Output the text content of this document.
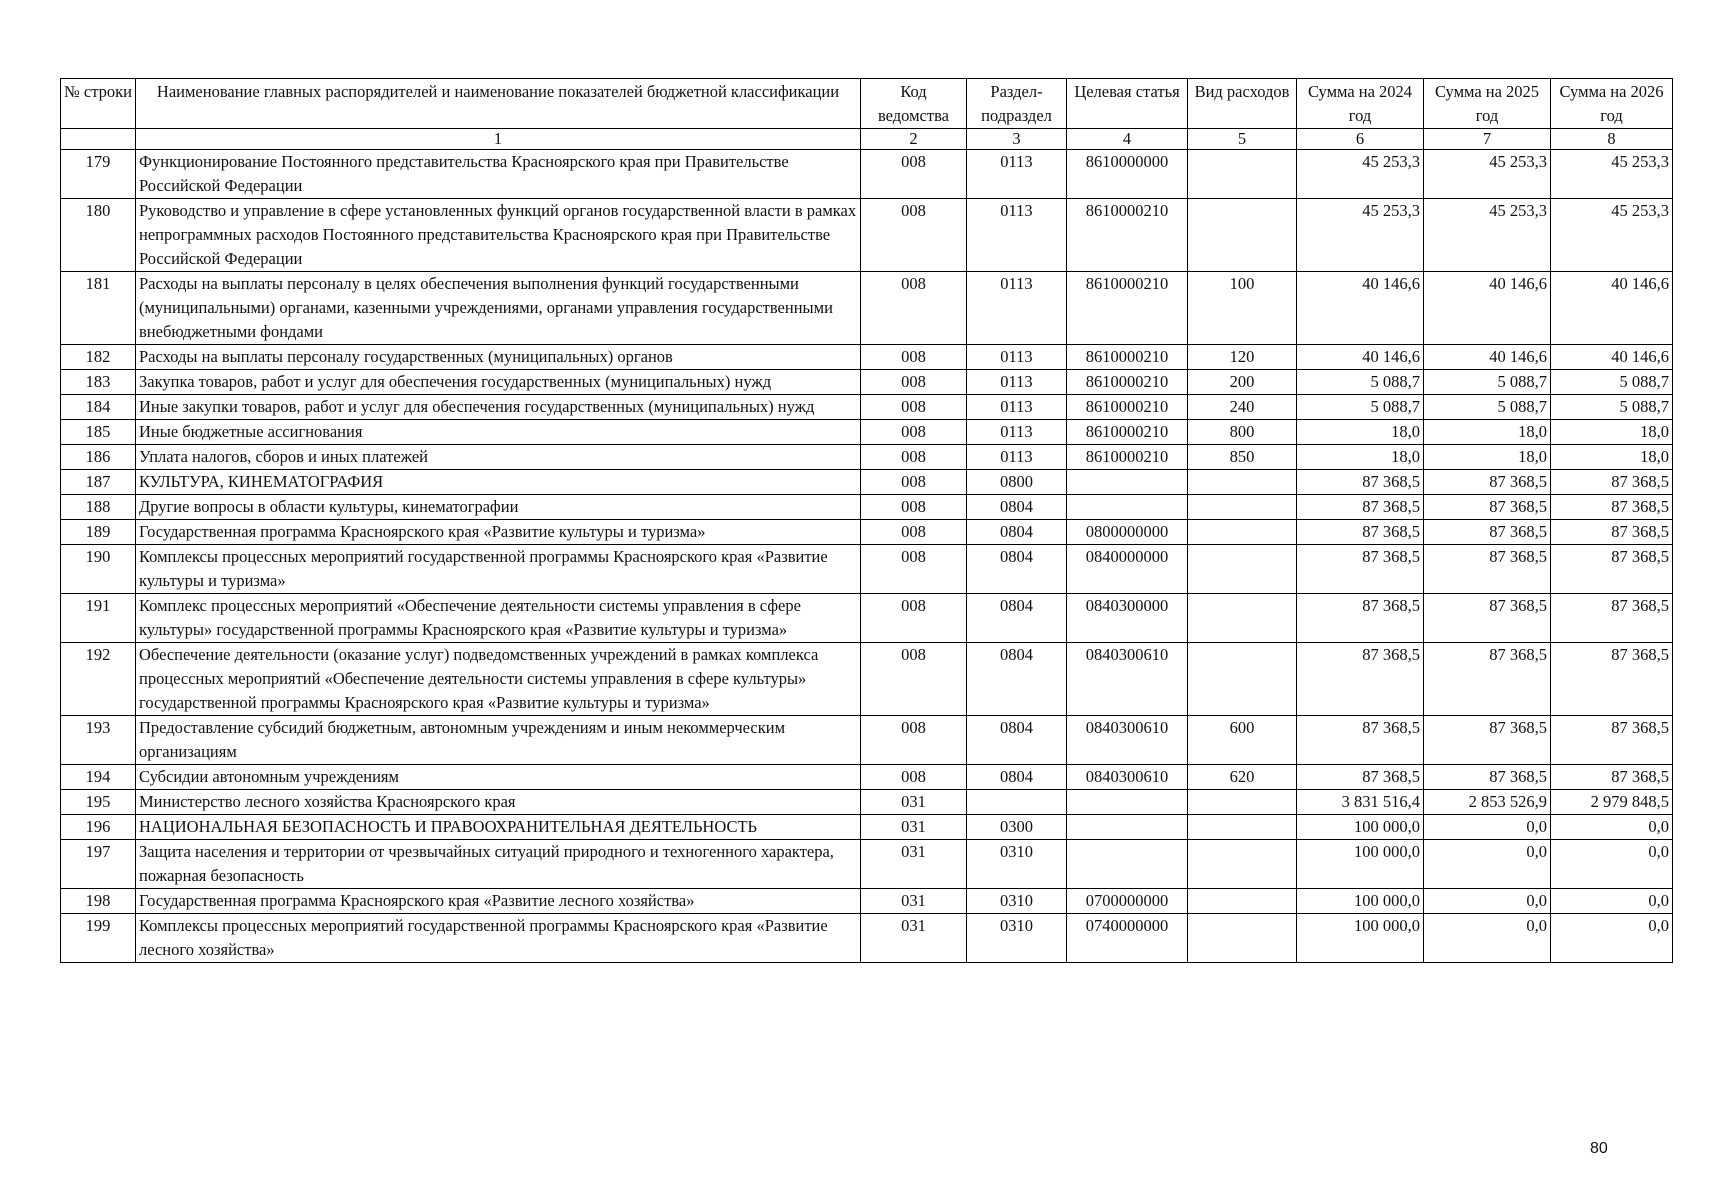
№ строки	Наименование главных распорядителей и наименование показателей бюджетной классификации	Код ведомства	Раздел-подраздел	Целевая статья	Вид расходов	Сумма на 2024 год	Сумма на 2025 год	Сумма на 2026 год
	1	2	3	4	5	6	7	8
179	Функционирование Постоянного представительства Красноярского края при Правительстве Российской Федерации	008	0113	8610000000		45 253,3	45 253,3	45 253,3
180	Руководство и управление в сфере установленных функций органов государственной власти в рамках непрограммных расходов Постоянного представительства Красноярского края при Правительстве Российской Федерации	008	0113	8610000210		45 253,3	45 253,3	45 253,3
181	Расходы на выплаты персоналу в целях обеспечения выполнения функций государственными (муниципальными) органами, казенными учреждениями, органами управления государственными внебюджетными фондами	008	0113	8610000210	100	40 146,6	40 146,6	40 146,6
182	Расходы на выплаты персоналу государственных (муниципальных) органов	008	0113	8610000210	120	40 146,6	40 146,6	40 146,6
183	Закупка товаров, работ и услуг для обеспечения государственных (муниципальных) нужд	008	0113	8610000210	200	5 088,7	5 088,7	5 088,7
184	Иные закупки товаров, работ и услуг для обеспечения государственных (муниципальных) нужд	008	0113	8610000210	240	5 088,7	5 088,7	5 088,7
185	Иные бюджетные ассигнования	008	0113	8610000210	800	18,0	18,0	18,0
186	Уплата налогов, сборов и иных платежей	008	0113	8610000210	850	18,0	18,0	18,0
187	КУЛЬТУРА, КИНЕМАТОГРАФИЯ	008	0800			87 368,5	87 368,5	87 368,5
188	Другие вопросы в области культуры, кинематографии	008	0804			87 368,5	87 368,5	87 368,5
189	Государственная программа Красноярского края «Развитие культуры и туризма»	008	0804	0800000000		87 368,5	87 368,5	87 368,5
190	Комплексы процессных мероприятий государственной программы Красноярского края «Развитие культуры и туризма»	008	0804	0840000000		87 368,5	87 368,5	87 368,5
191	Комплекс процессных мероприятий «Обеспечение деятельности системы управления в сфере культуры» государственной программы Красноярского края «Развитие культуры и туризма»	008	0804	0840300000		87 368,5	87 368,5	87 368,5
192	Обеспечение деятельности (оказание услуг) подведомственных учреждений в рамках комплекса процессных мероприятий «Обеспечение деятельности системы управления в сфере культуры» государственной программы Красноярского края «Развитие культуры и туризма»	008	0804	0840300610		87 368,5	87 368,5	87 368,5
193	Предоставление субсидий бюджетным, автономным учреждениям и иным некоммерческим организациям	008	0804	0840300610	600	87 368,5	87 368,5	87 368,5
194	Субсидии автономным учреждениям	008	0804	0840300610	620	87 368,5	87 368,5	87 368,5
195	Министерство лесного хозяйства Красноярского края	031				3 831 516,4	2 853 526,9	2 979 848,5
196	НАЦИОНАЛЬНАЯ БЕЗОПАСНОСТЬ И ПРАВООХРАНИТЕЛЬНАЯ ДЕЯТЕЛЬНОСТЬ	031	0300			100 000,0	0,0	0,0
197	Защита населения и территории от чрезвычайных ситуаций природного и техногенного характера, пожарная безопасность	031	0310			100 000,0	0,0	0,0
198	Государственная программа Красноярского края «Развитие лесного хозяйства»	031	0310	0700000000		100 000,0	0,0	0,0
199	Комплексы процессных мероприятий государственной программы Красноярского края «Развитие лесного хозяйства»	031	0310	0740000000		100 000,0	0,0	0,0
80
